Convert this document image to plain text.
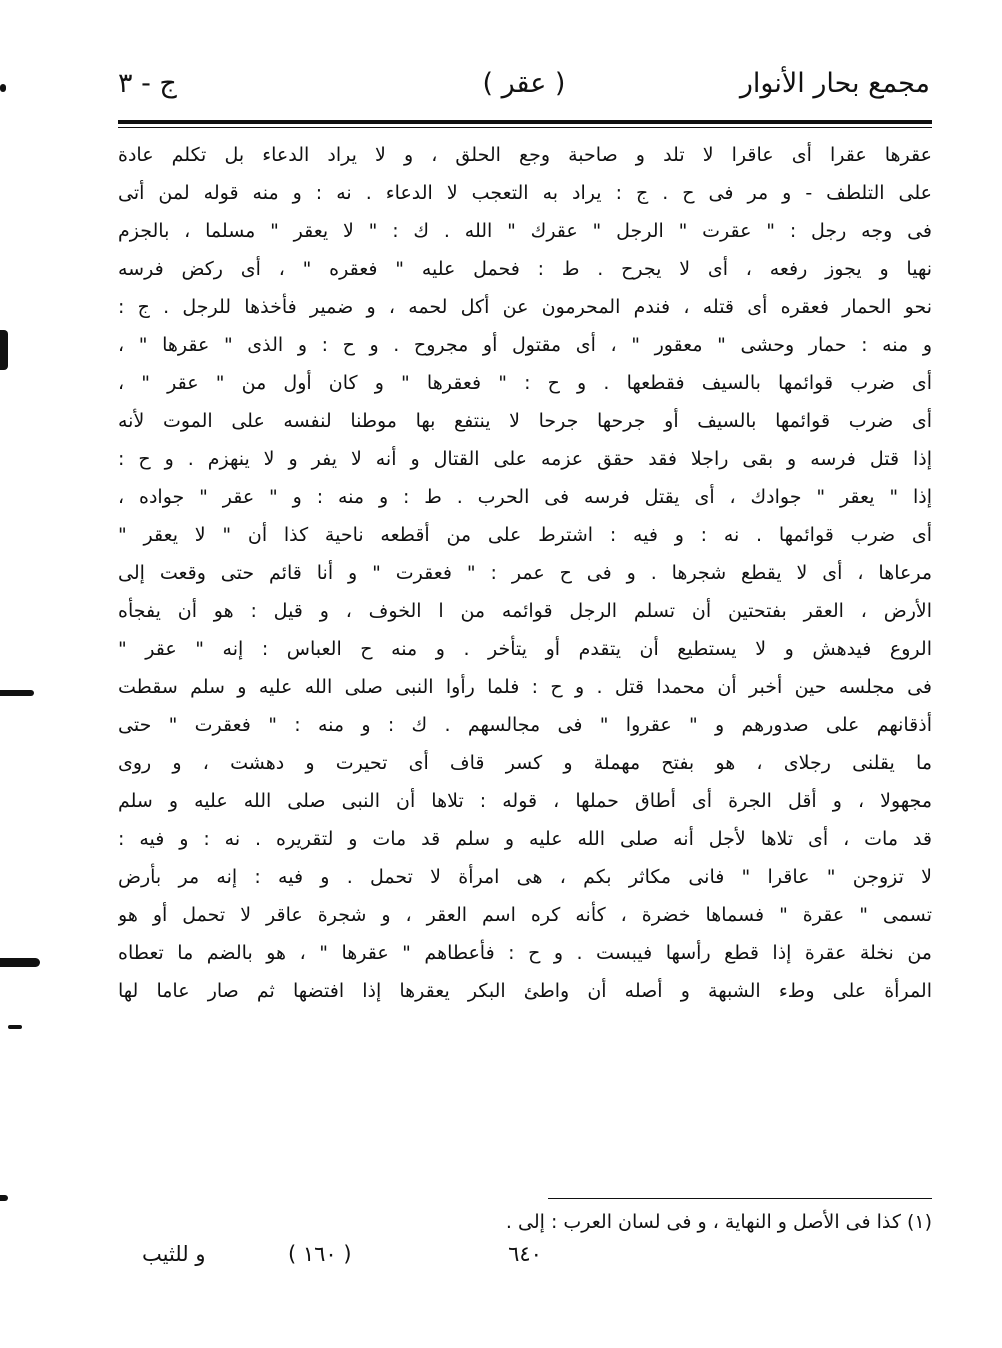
مجمع بحار الأنوار
( عقر )
ج - ٣
عقرها عقرا أى عاقرا لا تلد و صاحبة وجع الحلق ، و لا يراد الدعاء بل تكلم عادة
على التلطف - و مر فى ح . ج : يراد به التعجب لا الدعاء . نه : و منه قوله لمن أتى
فى وجه رجل : " عقرت " الرجل " عقرك " الله . ك : " لا يعقر " مسلما ، بالجزم
نهيا و يجوز رفعه ، أى لا يجرح . ط : فحمل عليه " فعقره " ، أى ركض فرسه
نحو الحمار فعقره أى قتله ، فندم المحرمون عن أكل لحمه ، و ضمير فأخذها للرجل . ج :
و منه : حمار وحشى " معقور " ، أى مقتول أو مجروح . و ح : و الذى " عقرها " ،
أى ضرب قوائمها بالسيف فقطعها . و ح : " فعقرها " و كان أول من " عقر " ،
أى ضرب قوائمها بالسيف أو جرحها جرحا لا ينتفع بها موطنا لنفسه على الموت لأنه
إذا قتل فرسه و بقى راجلا فقد حقق عزمه على القتال و أنه لا يفر و لا ينهزم . و ح :
إذا " يعقر " جوادك ، أى يقتل فرسه فى الحرب . ط : و منه : و " عقر " جواده ،
أى ضرب قوائمها . نه : و فيه : اشترط على من أقطعه ناحية كذا أن " لا يعقر "
مرعاها ، أى لا يقطع شجرها . و فى ح عمر : " فعقرت " و أنا قائم حتى وقعت إلى
الأرض ، العقر بفتحتين أن تسلم الرجل قوائمه من ا الخوف ، و قيل : هو أن يفجأه
الروع فيدهش و لا يستطيع أن يتقدم أو يتأخر . و منه ح العباس : إنه " عقر "
فى مجلسه حين أخبر أن محمدا قتل . و ح : فلما رأوا النبى صلى الله عليه و سلم سقطت
أذقانهم على صدورهم و " عقروا " فى مجالسهم . ك : و منه : " فعقرت " حتى
ما يقلنى رجلاى ، هو بفتح مهملة و كسر قاف أى تحيرت و دهشت ، و روى
مجهولا ، و أقل الجرة أى أطاق حملها ، قوله : تلاها أن النبى صلى الله عليه و سلم
قد مات ، أى تلاها لأجل أنه صلى الله عليه و سلم قد مات و لتقريره . نه : و فيه :
لا تزوجن " عاقرا " فانى مكاثر بكم ، هى امرأة لا تحمل . و فيه : إنه مر بأرض
تسمى " عقرة " فسماها خضرة ، كأنه كره اسم العقر ، و شجرة عاقر لا تحمل أو هو
من نخلة عقرة إذا قطع رأسها فيبست . و ح : فأعطاهم " عقرها " ، هو بالضم ما تعطاه
المرأة على وطء الشبهة و أصله أن واطئ البكر يعقرها إذا افتضها ثم صار عاما لها
(١) كذا فى الأصل و النهاية ، و فى لسان العرب : إلى .
٦٤٠
( ١٦٠ )
و للثيب
